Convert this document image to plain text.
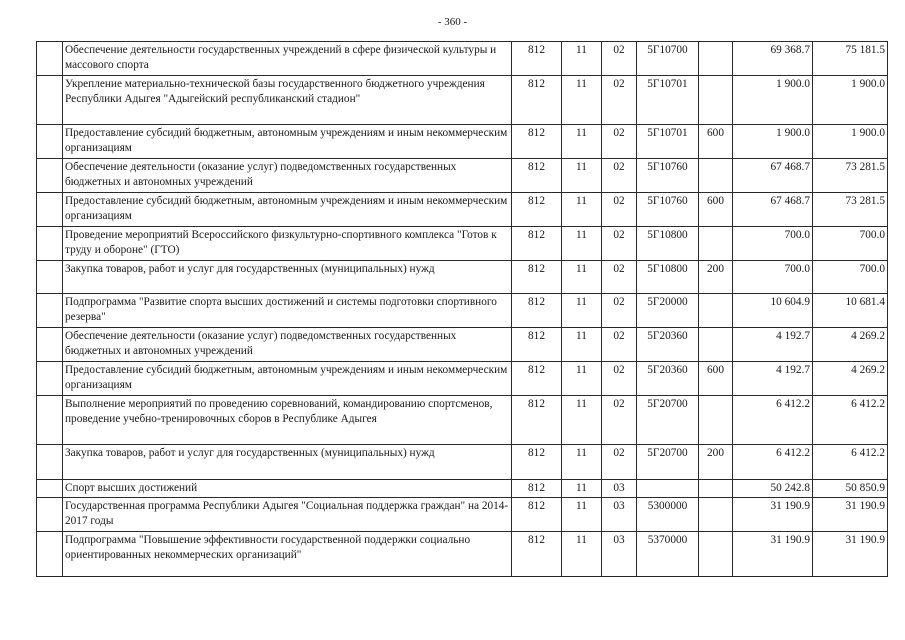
- 360 -
	Обеспечение деятельности государственных учреждений в сфере физической культуры и массового спорта	812	11	02	5Г10700		69 368.7	75 181.5
	Укрепление материально-технической базы государственного бюджетного учреждения Республики Адыгея "Адыгейский республиканский стадион"	812	11	02	5Г10701		1 900.0	1 900.0
	Предоставление субсидий бюджетным, автономным учреждениям и иным некоммерческим организациям	812	11	02	5Г10701	600	1 900.0	1 900.0
	Обеспечение деятельности (оказание услуг) подведомственных государственных бюджетных и автономных учреждений	812	11	02	5Г10760		67 468.7	73 281.5
	Предоставление субсидий бюджетным, автономным учреждениям и иным некоммерческим организациям	812	11	02	5Г10760	600	67 468.7	73 281.5
	Проведение мероприятий Всероссийского физкультурно-спортивного комплекса "Готов к труду и обороне" (ГТО)	812	11	02	5Г10800		700.0	700.0
	Закупка товаров, работ и услуг для государственных (муниципальных) нужд	812	11	02	5Г10800	200	700.0	700.0
	Подпрограмма "Развитие спорта высших достижений и системы подготовки спортивного резерва"	812	11	02	5Г20000		10 604.9	10 681.4
	Обеспечение деятельности (оказание услуг) подведомственных государственных бюджетных и автономных учреждений	812	11	02	5Г20360		4 192.7	4 269.2
	Предоставление субсидий бюджетным, автономным учреждениям и иным некоммерческим организациям	812	11	02	5Г20360	600	4 192.7	4 269.2
	Выполнение мероприятий по проведению соревнований, командированию спортсменов, проведение учебно-тренировочных сборов в Республике Адыгея	812	11	02	5Г20700		6 412.2	6 412.2
	Закупка товаров, работ и услуг для государственных (муниципальных) нужд	812	11	02	5Г20700	200	6 412.2	6 412.2
	Спорт высших достижений	812	11	03			50 242.8	50 850.9
	Государственная программа Республики Адыгея "Социальная поддержка граждан" на 2014-2017 годы	812	11	03	5300000		31 190.9	31 190.9
	Подпрограмма "Повышение эффективности государственной поддержки социально ориентированных некоммерческих организаций"	812	11	03	5370000		31 190.9	31 190.9
